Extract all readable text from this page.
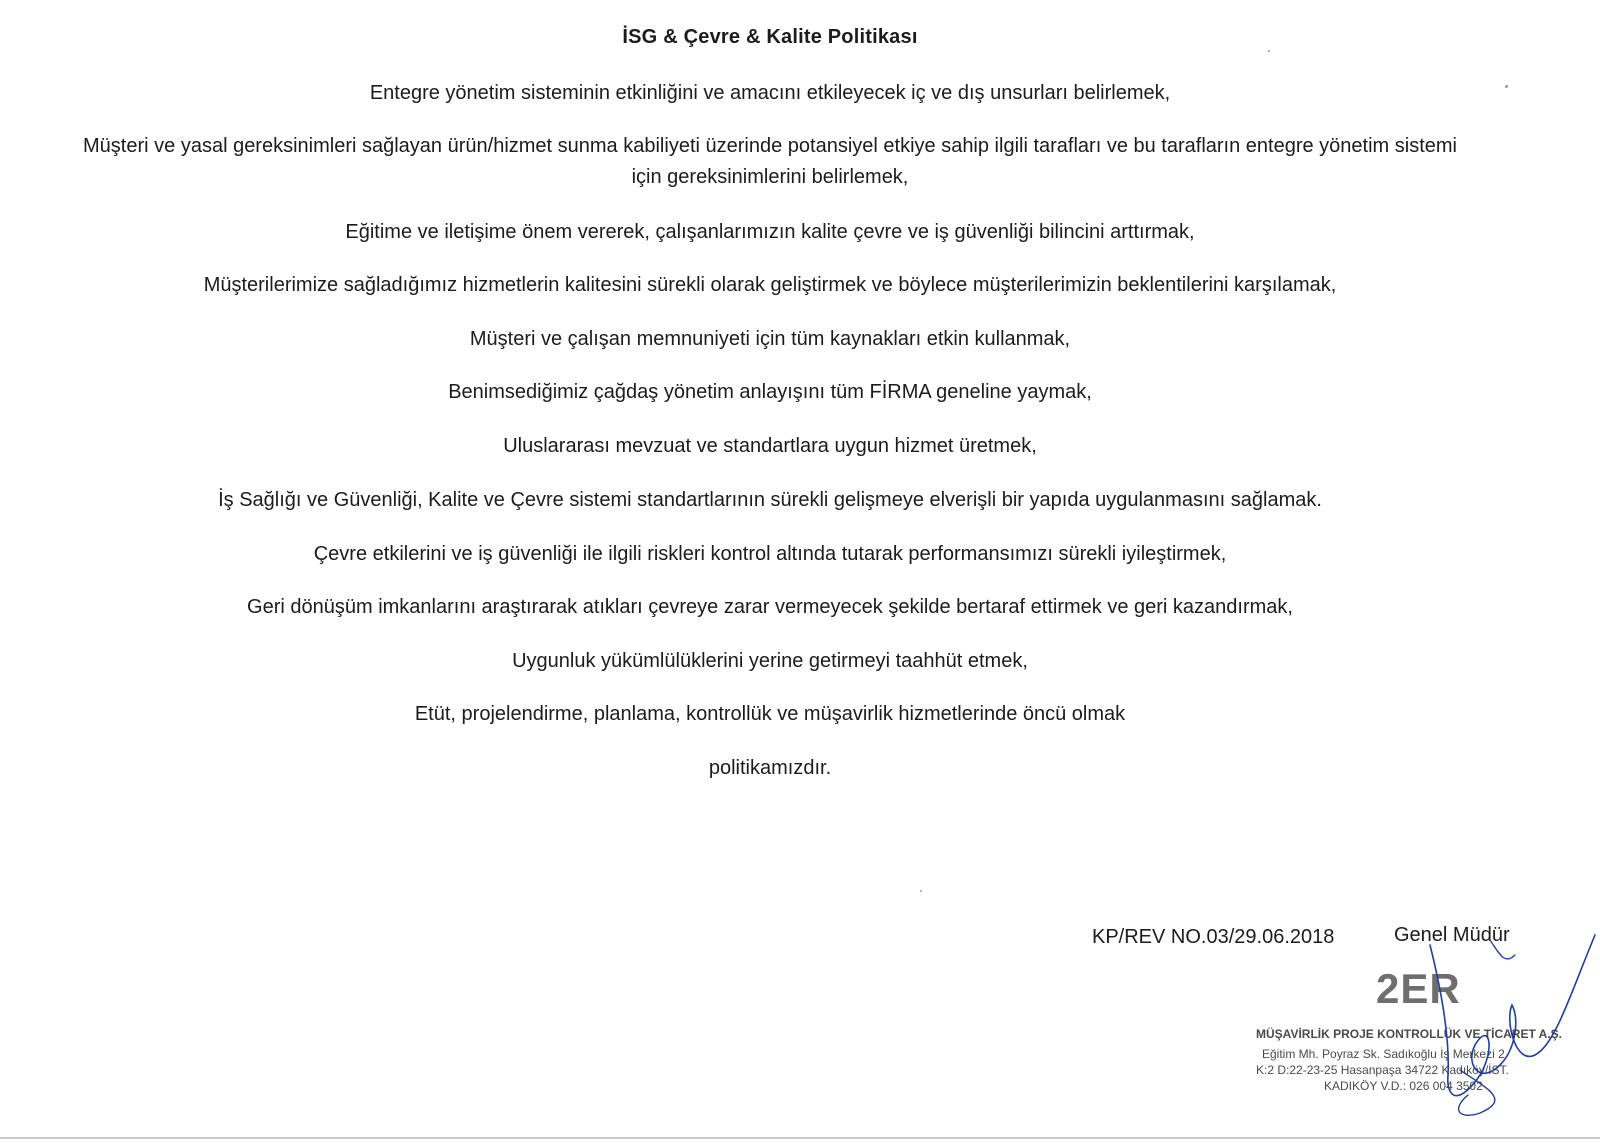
İSG & Çevre & Kalite Politikası
Entegre yönetim sisteminin etkinliğini ve amacını etkileyecek iç ve dış unsurları belirlemek,
Müşteri ve yasal gereksinimleri sağlayan ürün/hizmet sunma kabiliyeti üzerinde potansiyel etkiye sahip ilgili tarafları ve bu tarafların entegre yönetim sistemi
için gereksinimlerini belirlemek,
Eğitime ve iletişime önem vererek, çalışanlarımızın kalite çevre ve iş güvenliği bilincini arttırmak,
Müşterilerimize sağladığımız hizmetlerin kalitesini sürekli olarak geliştirmek ve böylece müşterilerimizin beklentilerini karşılamak,
Müşteri ve çalışan memnuniyeti için tüm kaynakları etkin kullanmak,
Benimsediğimiz çağdaş yönetim anlayışını tüm FİRMA geneline yaymak,
Uluslararası mevzuat ve standartlara uygun hizmet üretmek,
İş Sağlığı ve Güvenliği, Kalite ve Çevre sistemi standartlarının sürekli gelişmeye elverişli bir yapıda uygulanmasını sağlamak.
Çevre etkilerini ve iş güvenliği ile ilgili riskleri kontrol altında tutarak performansımızı sürekli iyileştirmek,
Geri dönüşüm imkanlarını araştırarak atıkları çevreye zarar vermeyecek şekilde bertaraf ettirmek ve geri kazandırmak,
Uygunluk yükümlülüklerini yerine getirmeyi taahhüt etmek,
Etüt, projelendirme, planlama, kontrollük ve müşavirlik hizmetlerinde öncü olmak
politikamızdır.
KP/REV NO.03/29.06.2018	Genel Müdür
2ER
MÜŞAVİRLİK PROJE KONTROLLÜK VE TİCARET A.Ş.
Eğitim Mh. Poyraz Sk. Sadıkoğlu İş Merkezi 2
K:2 D:22-23-25 Hasanpaşa 34722 Kadıköy/İST.
KADIKÖY V.D.: 026 004 3502
